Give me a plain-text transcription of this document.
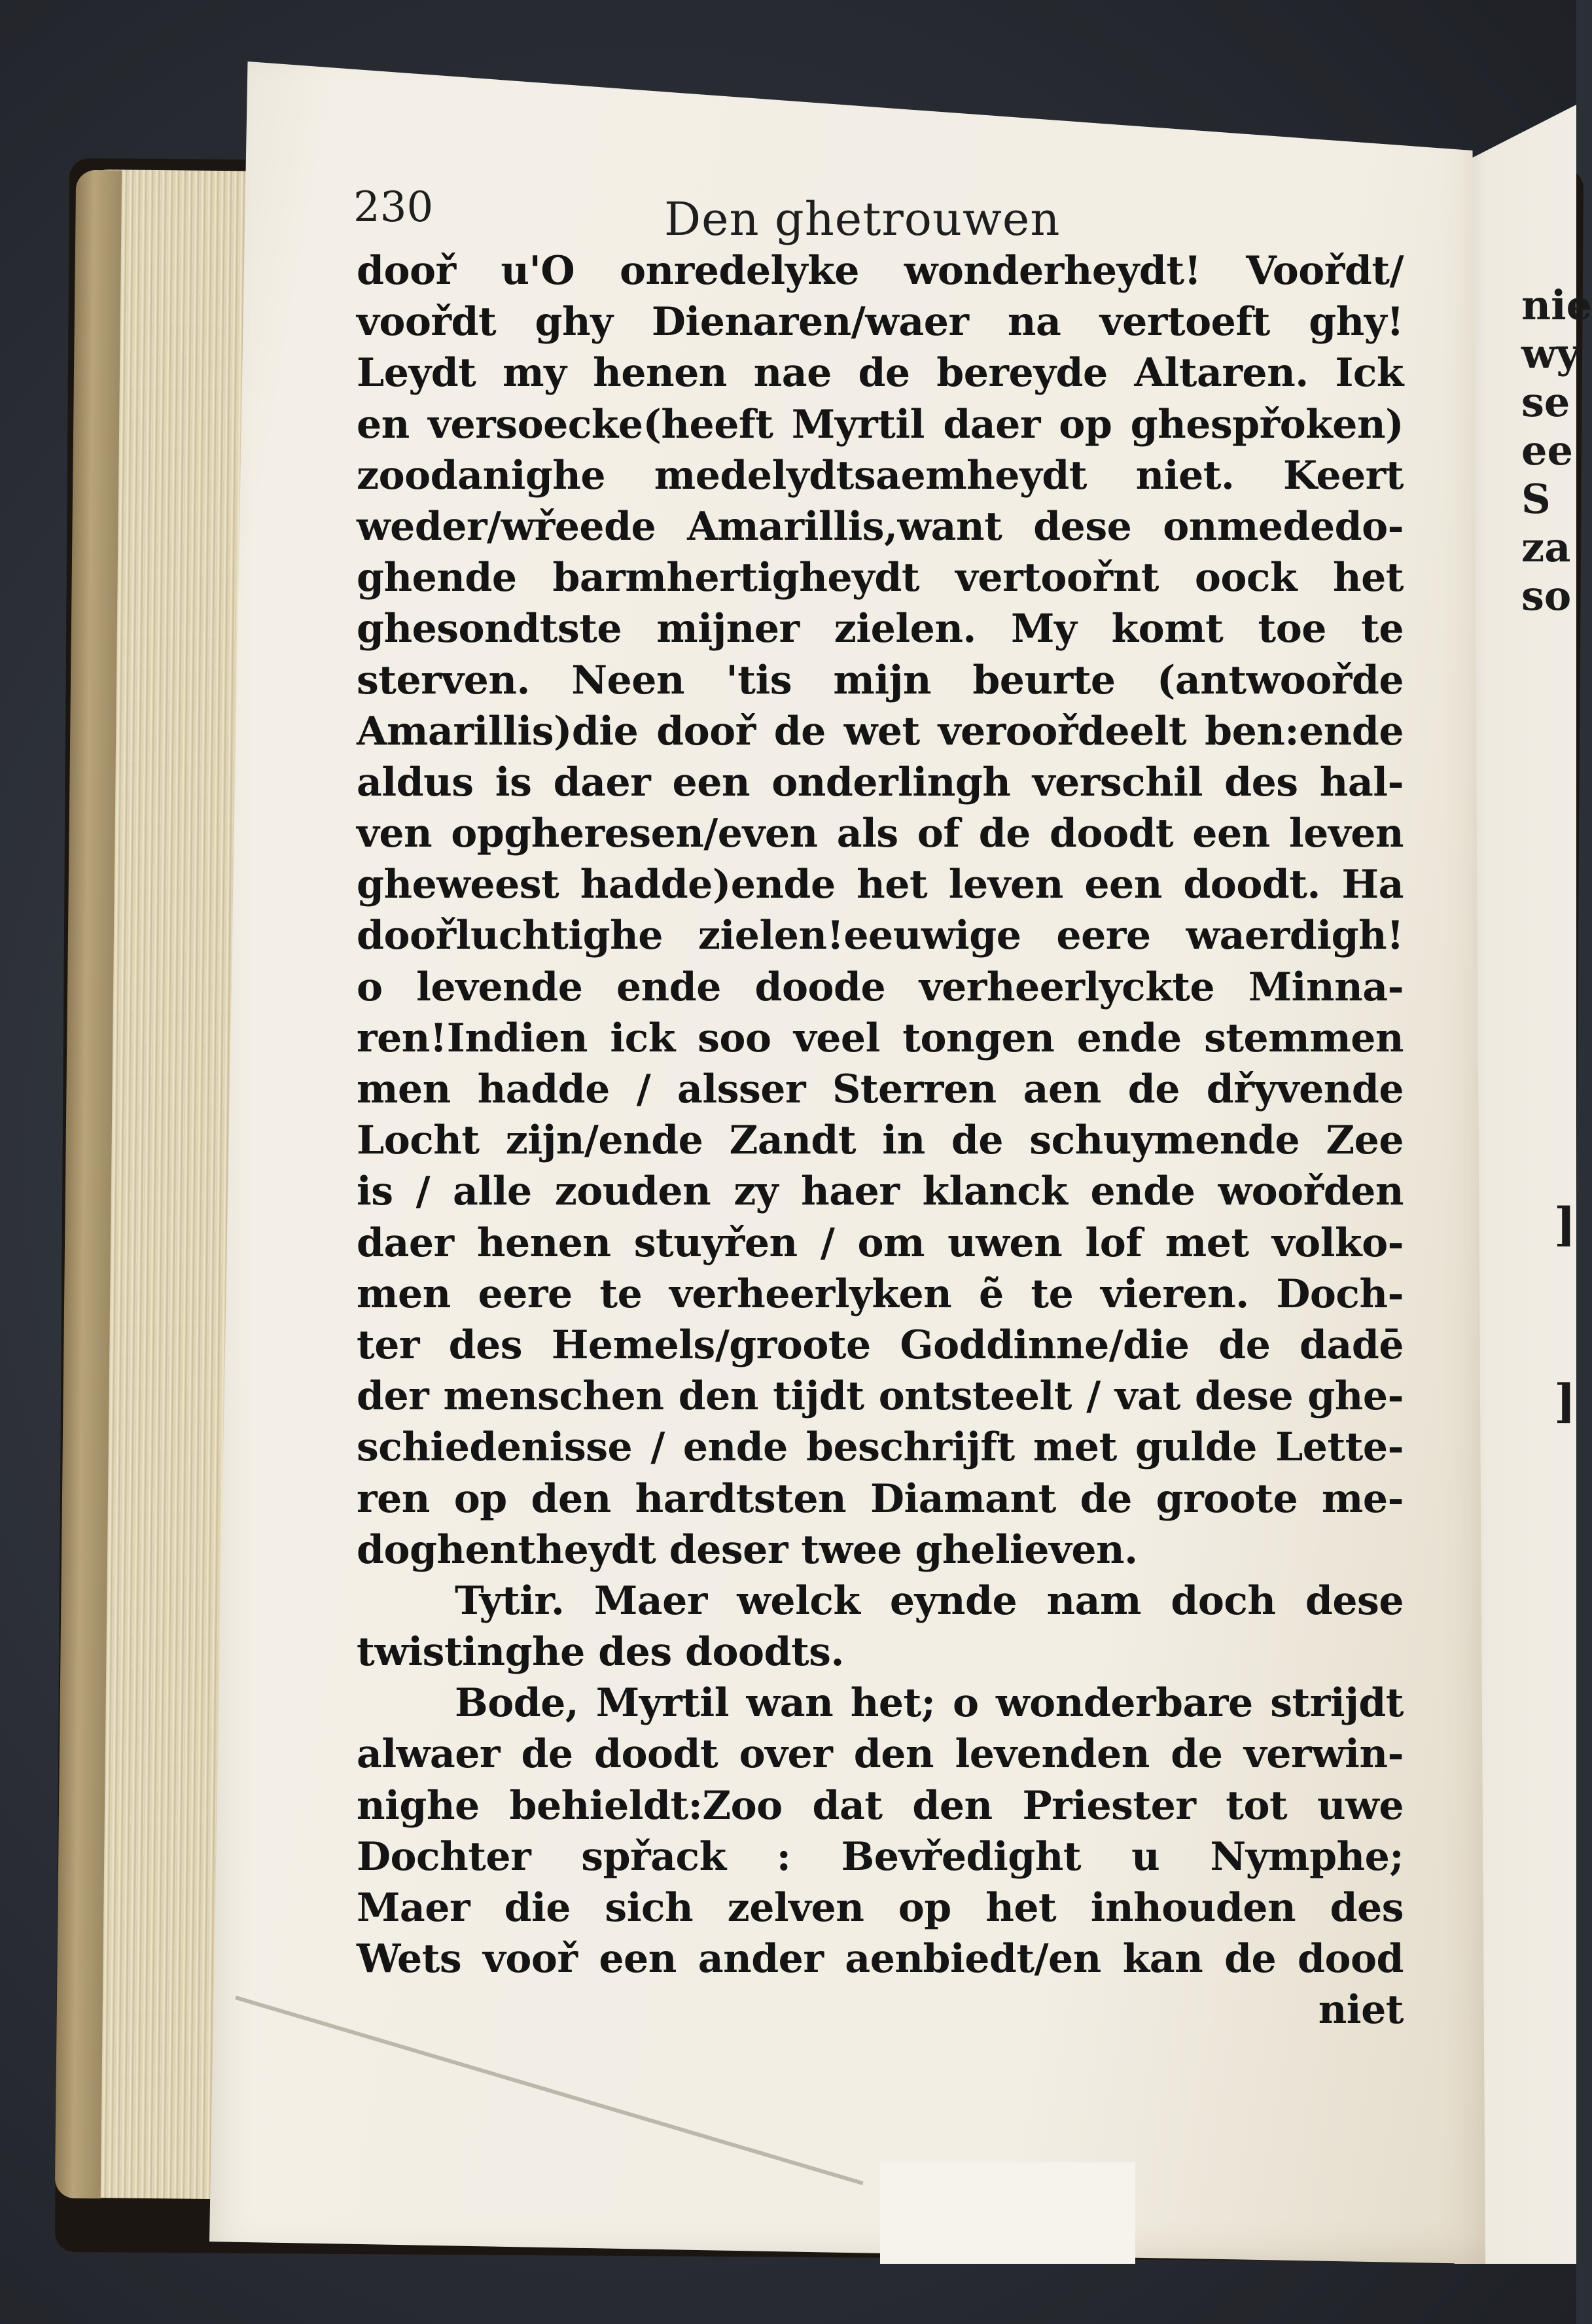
nie
wy
se
ee
S
za
so
]
]
230	Den ghetrouwen
dooř u'O onredelyke wonderheydt! Voořdt/
voořdt ghy Dienaren/waer na vertoeft ghy!
Leydt my henen nae de bereyde Altaren. Ick
en versoecke(heeft Myrtil daer op ghespřoken)
zoodanighe medelydtsaemheydt niet. Keert
weder/wřeede Amarillis,want dese onmededo‑
ghende barmhertigheydt vertoořnt oock het
ghesondtste mijner zielen. My komt toe te
sterven. Neen 'tis mijn beurte (antwoořde
Amarillis)die dooř de wet veroořdeelt ben:ende
aldus is daer een onderlingh verschil des hal‑
ven opgheresen/even als of de doodt een leven
gheweest hadde)ende het leven een doodt. Ha
doořluchtighe zielen!eeuwige eere waerdigh!
o levende ende doode verheerlyckte Minna‑
ren!Indien ick soo veel tongen ende stemmen
men hadde / alsser Sterren aen de dřyvende
Locht zijn/ende Zandt in de schuymende Zee
is / alle zouden zy haer klanck ende woořden
daer henen stuyřen / om uwen lof met volko‑
men eere te verheerlyken ẽ te vieren. Doch‑
ter des Hemels/groote Goddinne/die de dadē
der menschen den tijdt ontsteelt / vat dese ghe‑
schiedenisse / ende beschrijft met gulde Lette‑
ren op den hardtsten Diamant de groote me‑
doghentheydt deser twee ghelieven.
Tytir. Maer welck eynde nam doch dese
twistinghe des doodts.
Bode, Myrtil wan het; o wonderbare strijdt
alwaer de doodt over den levenden de verwin‑
nighe behieldt:Zoo dat den Priester tot uwe
Dochter spřack : Bevředight u Nymphe;
Maer die sich zelven op het inhouden des
Wets vooř een ander aenbiedt/en kan de dood
niet
